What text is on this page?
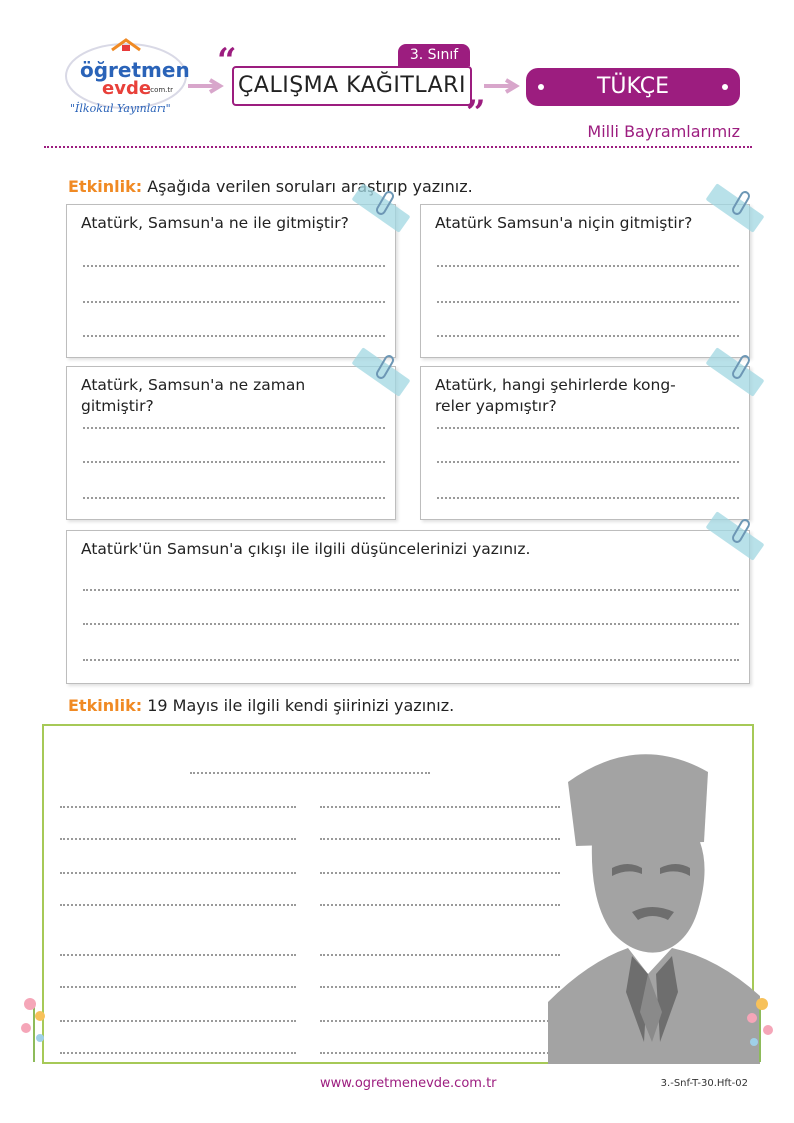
öğretmen
evde
.com.tr
"İlkokul Yayınları"
“	3. Sınıf
ÇALIŞMA KAĞITLARI
”
TÜKÇE
Milli Bayramlarımız
Etkinlik: Aşağıda verilen soruları araştırıp yazınız.
Atatürk, Samsun'a ne ile gitmiştir?	Atatürk Samsun'a niçin gitmiştir?
Atatürk, Samsun'a ne zaman
gitmiştir?
Atatürk, hangi şehirlerde kong-
reler yapmıştır?
Atatürk'ün Samsun'a çıkışı ile ilgili düşüncelerinizi yazınız.
Etkinlik: 19 Mayıs ile ilgili kendi şiirinizi yazınız.
www.ogretmenevde.com.tr	3.-Snf-T-30.Hft-02
